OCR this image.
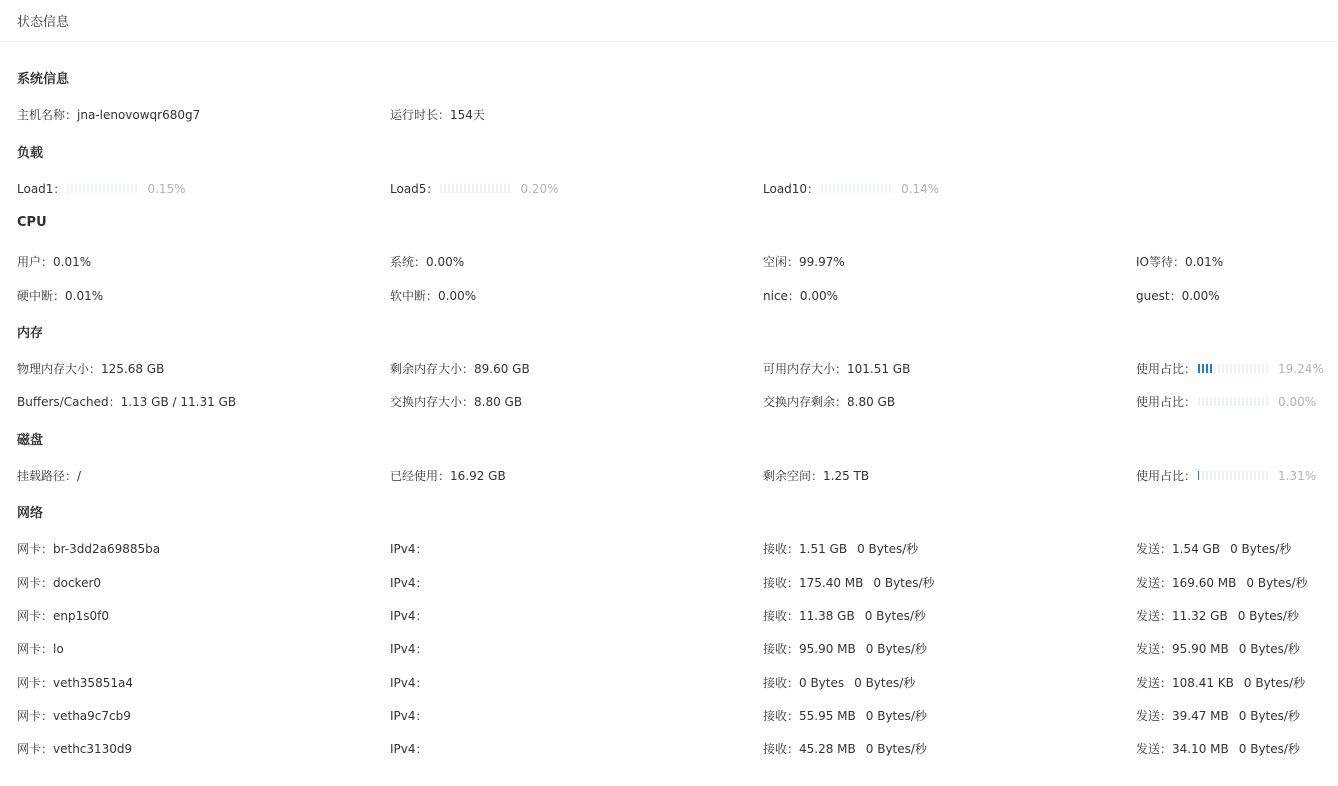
状态信息
系统信息
主机名称： jna-lenovowqr680g7	运行时长： 154天
负载
Load1：	0.15%	Load5：	0.20%	Load10：	0.14%
CPU
用户：0.01%	系统：0.00%	空闲：99.97%	IO等待：0.01%
硬中断：0.01%	软中断：0.00%	nice：0.00%	guest：0.00%
内存
物理内存大小：125.68 GB	剩余内存大小：89.60 GB	可用内存大小：101.51 GB	使用占比：	19.24%
Buffers/Cached：1.13 GB / 11.31 GB	交换内存大小：8.80 GB	交换内存剩余：8.80 GB	使用占比：	0.00%
磁盘
挂载路径：/	已经使用：16.92 GB	剩余空间：1.25 TB	使用占比：	1.31%
网络
网卡：br-3dd2a69885ba	IPv4：	接收：1.51 GB 0 Bytes/秒	发送：1.54 GB 0 Bytes/秒
网卡：docker0	IPv4：	接收：175.40 MB 0 Bytes/秒	发送：169.60 MB 0 Bytes/秒
网卡：enp1s0f0	IPv4：	接收：11.38 GB 0 Bytes/秒	发送：11.32 GB 0 Bytes/秒
网卡：lo	IPv4：	接收：95.90 MB 0 Bytes/秒	发送：95.90 MB 0 Bytes/秒
网卡：veth35851a4	IPv4：	接收：0 Bytes 0 Bytes/秒	发送：108.41 KB 0 Bytes/秒
网卡：vetha9c7cb9	IPv4：	接收：55.95 MB 0 Bytes/秒	发送：39.47 MB 0 Bytes/秒
网卡：vethc3130d9	IPv4：	接收：45.28 MB 0 Bytes/秒	发送：34.10 MB 0 Bytes/秒
